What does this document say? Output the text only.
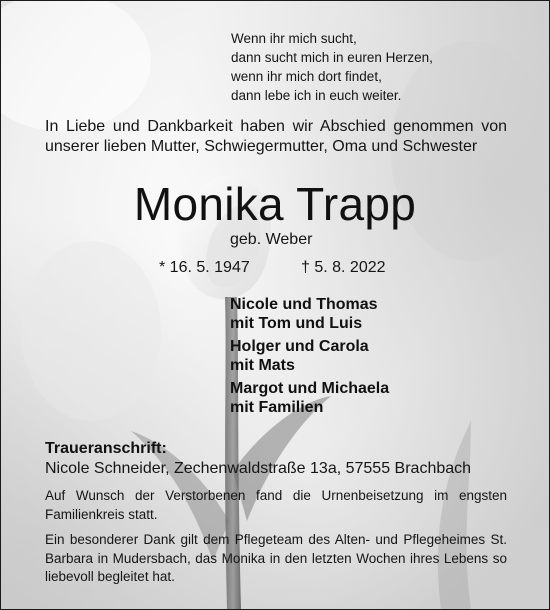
Wenn ihr mich sucht,
dann sucht mich in euren Herzen,
wenn ihr mich dort findet,
dann lebe ich in euch weiter.
In Liebe und Dankbarkeit haben wir Abschied genommen von unserer lieben Mutter, Schwiegermutter, Oma und Schwester
Monika Trapp
geb. Weber
* 16. 5. 1947	† 5. 8. 2022
Nicole und Thomas
mit Tom und Luis
Holger und Carola
mit Mats
Margot und Michaela
mit Familien
Traueranschrift:
Nicole Schneider, Zechenwaldstraße 13a, 57555 Brachbach
Auf Wunsch der Verstorbenen fand die Urnenbeisetzung im engsten Familienkreis statt.
Ein besonderer Dank gilt dem Pflegeteam des Alten- und Pflegeheimes St. Barbara in Mudersbach, das Monika in den letzten Wochen ihres Lebens so liebevoll begleitet hat.
